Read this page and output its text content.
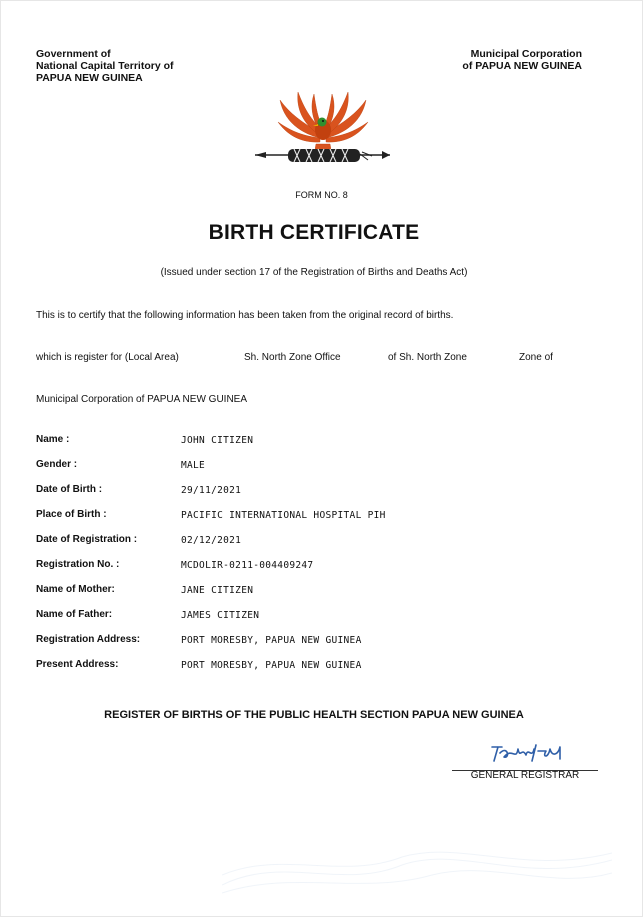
Government of
National Capital Territory of
PAPUA NEW GUINEA
Municipal Corporation
of PAPUA NEW GUINEA
FORM NO. 8
BIRTH CERTIFICATE
(Issued under section 17 of the Registration of Births and Deaths Act)
This is to certify that the following information has been taken from the original record of births.
which is register for (Local Area)	Sh. North Zone Office	of Sh. North Zone	Zone of
Municipal Corporation of PAPUA NEW GUINEA
Name :	JOHN CITIZEN
Gender :	MALE
Date of Birth :	29/11/2021
Place of Birth :	PACIFIC INTERNATIONAL HOSPITAL PIH
Date of Registration :	02/12/2021
Registration No. :	MCDOLIR-0211-004409247
Name of Mother:	JANE CITIZEN
Name of Father:	JAMES CITIZEN
Registration Address:	PORT MORESBY, PAPUA NEW GUINEA
Present Address:	PORT MORESBY, PAPUA NEW GUINEA
REGISTER OF BIRTHS OF THE PUBLIC HEALTH SECTION PAPUA NEW GUINEA
GENERAL REGISTRAR
